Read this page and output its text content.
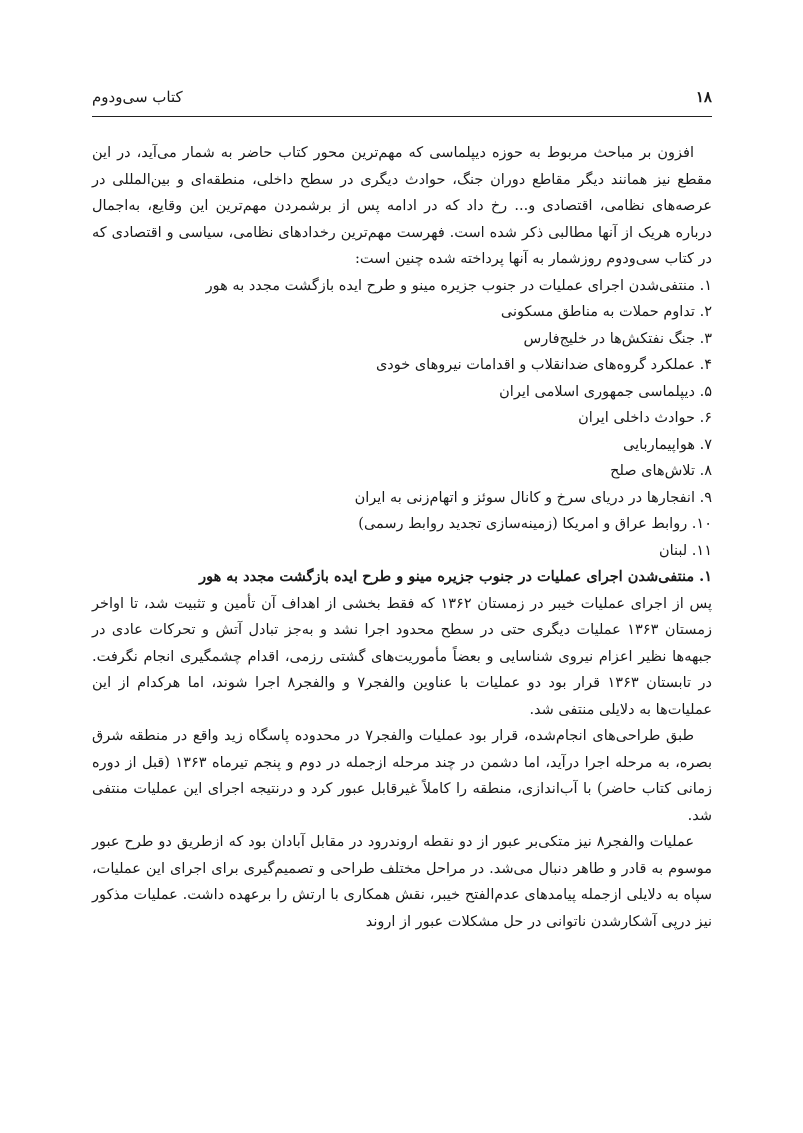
۱۸
کتاب سی‌ودوم

افزون بر مباحث مربوط به حوزه دیپلماسی که مهم‌ترین محور کتاب حاضر به شمار می‌آید، در این مقطع نیز همانند دیگر مقاطع دوران جنگ، حوادث دیگری در سطح داخلی، منطقه‌ای و بین‌المللی در عرصه‌های نظامی، اقتصادی و... رخ داد که در ادامه پس از برشمردن مهم‌ترین این وقایع، به‌اجمال درباره هریک از آنها مطالبی ذکر شده است. فهرست مهم‌ترین رخدادهای نظامی، سیاسی و اقتصادی که در کتاب سی‌ودوم روزشمار به آنها پرداخته شده چنین است:

۱. منتفی‌شدن اجرای عملیات در جنوب جزیره مینو و طرح ایده بازگشت مجدد به هور
۲. تداوم حملات به مناطق مسکونی
۳. جنگ نفتکش‌ها در خلیج‌فارس
۴. عملکرد گروه‌های ضدانقلاب و اقدامات نیروهای خودی
۵. دیپلماسی جمهوری اسلامی ایران
۶. حوادث داخلی ایران
۷. هواپیماربایی
۸. تلاش‌های صلح
۹. انفجارها در دریای سرخ و کانال سوئز و اتهام‌زنی به ایران
۱۰. روابط عراق و امریکا (زمینه‌سازی تجدید روابط رسمی)
۱۱. لبنان

۱. منتفی‌شدن اجرای عملیات در جنوب جزیره مینو و طرح ایده بازگشت مجدد به هور

پس از اجرای عملیات خیبر در زمستان ۱۳۶۲ که فقط بخشی از اهداف آن تأمین و تثبیت شد، تا اواخر زمستان ۱۳۶۳ عملیات دیگری حتی در سطح محدود اجرا نشد و به‌جز تبادل آتش و تحرکات عادی در جبهه‌ها نظیر اعزام نیروی شناسایی و بعضاً مأموریت‌های گشتی رزمی، اقدام چشمگیری انجام نگرفت. در تابستان ۱۳۶۳ قرار بود دو عملیات با عناوین والفجر۷ و والفجر۸ اجرا شوند، اما هرکدام از این عملیات‌ها به دلایلی منتفی شد.

طبق طراحی‌های انجام‌شده، قرار بود عملیات والفجر۷ در محدوده پاسگاه زید واقع در منطقه شرق بصره، به مرحله اجرا درآید، اما دشمن در چند مرحله ازجمله در دوم و پنجم تیرماه ۱۳۶۳ (قبل از دوره زمانی کتاب حاضر) با آب‌اندازی، منطقه را کاملاً غیرقابل عبور کرد و درنتیجه اجرای این عملیات منتفی شد.

عملیات والفجر۸ نیز متکی‌بر عبور از دو نقطه اروندرود در مقابل آبادان بود که ازطریق دو طرح عبور موسوم به قادر و طاهر دنبال می‌شد. در مراحل مختلف طراحی و تصمیم‌گیری برای اجرای این عملیات، سپاه به دلایلی ازجمله پیامدهای عدم‌الفتح خیبر، نقش همکاری با ارتش را برعهده داشت. عملیات مذکور نیز درپی آشکارشدن ناتوانی در حل مشکلات عبور از اروند
